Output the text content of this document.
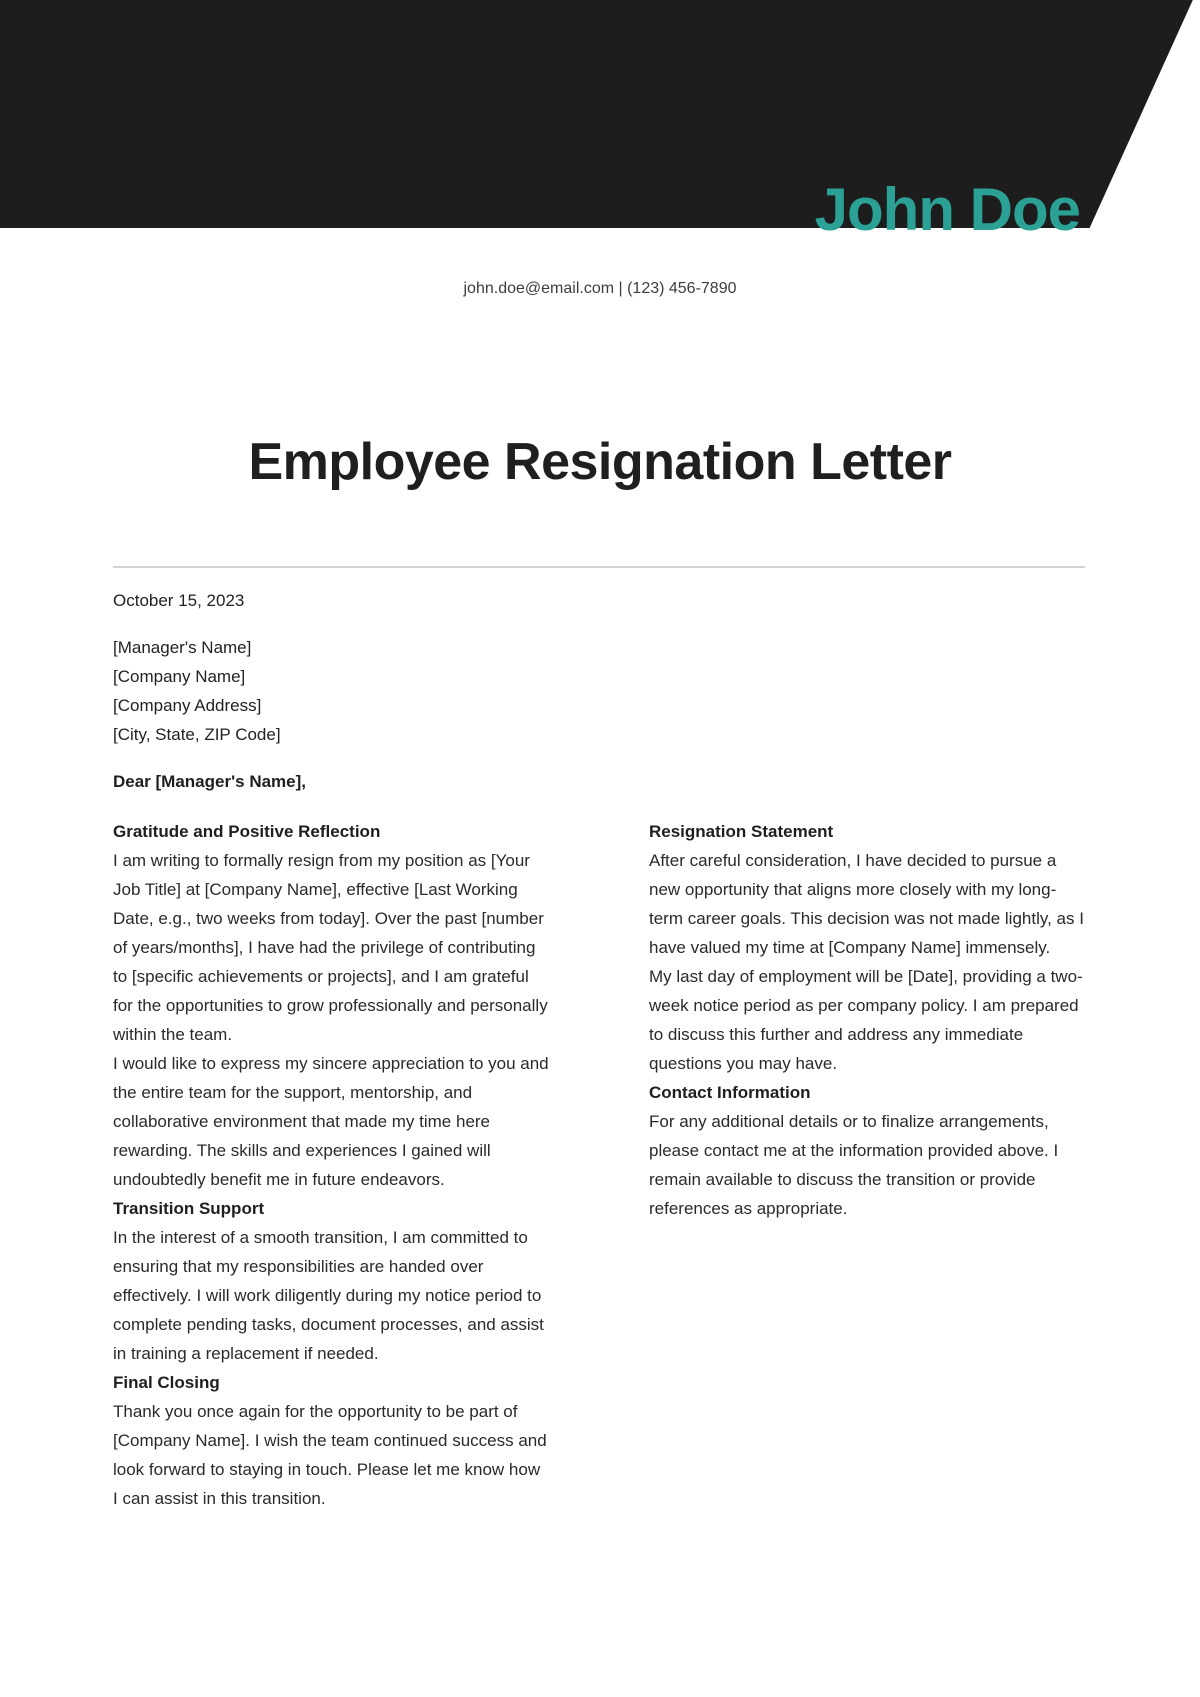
John Doe
john.doe@email.com | (123) 456-7890
Employee Resignation Letter
October 15, 2023
[Manager's Name]
[Company Name]
[Company Address]
[City, State, ZIP Code]
Dear [Manager's Name],
Gratitude and Positive Reflection

I am writing to formally resign from my position as [Your Job Title] at [Company Name], effective [Last Working Date, e.g., two weeks from today]. Over the past [number of years/months], I have had the privilege of contributing to [specific achievements or projects], and I am grateful for the opportunities to grow professionally and personally within the team.

I would like to express my sincere appreciation to you and the entire team for the support, mentorship, and collaborative environment that made my time here rewarding. The skills and experiences I gained will undoubtedly benefit me in future endeavors.

Transition Support

In the interest of a smooth transition, I am committed to ensuring that my responsibilities are handed over effectively. I will work diligently during my notice period to complete pending tasks, document processes, and assist in training a replacement if needed.

Final Closing

Thank you once again for the opportunity to be part of [Company Name]. I wish the team continued success and look forward to staying in touch. Please let me know how I can assist in this transition.

Resignation Statement

After careful consideration, I have decided to pursue a new opportunity that aligns more closely with my long-term career goals. This decision was not made lightly, as I have valued my time at [Company Name] immensely.

My last day of employment will be [Date], providing a two-week notice period as per company policy. I am prepared to discuss this further and address any immediate questions you may have.

Contact Information

For any additional details or to finalize arrangements, please contact me at the information provided above. I remain available to discuss the transition or provide references as appropriate.
